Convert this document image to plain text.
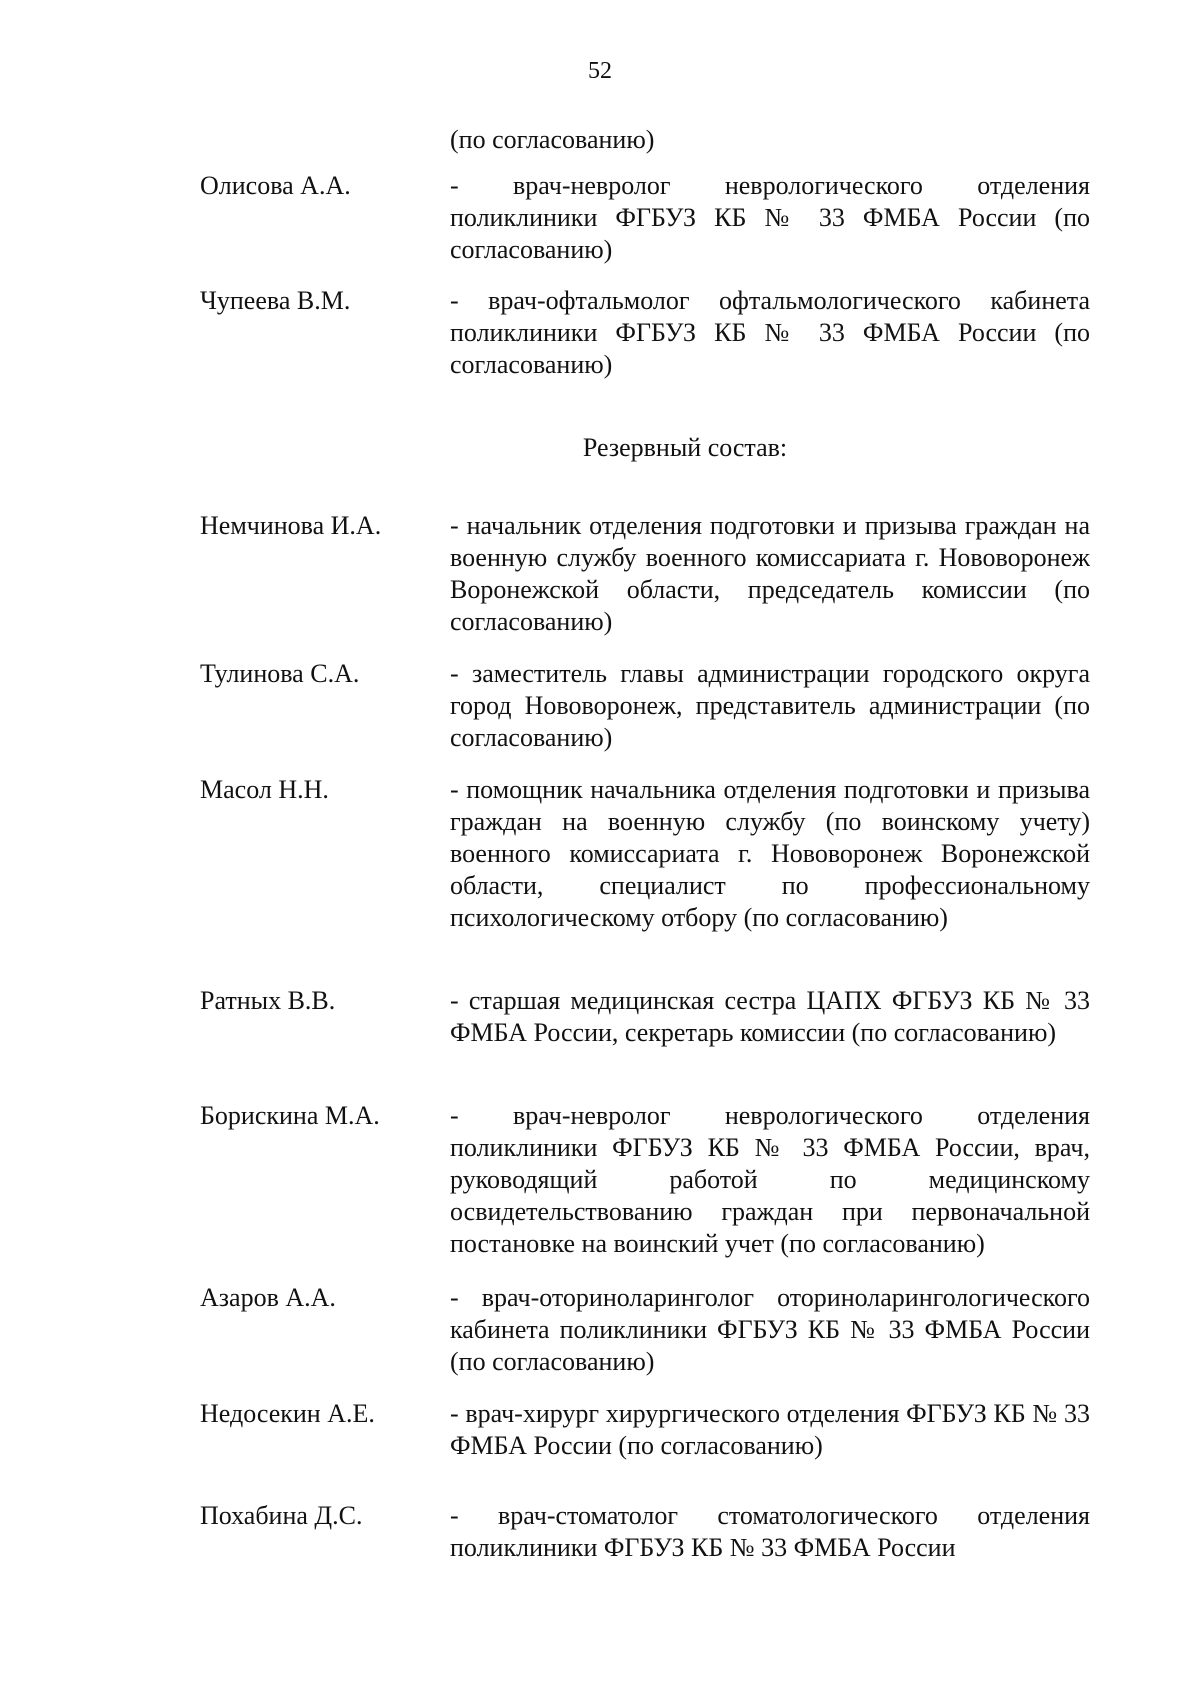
52
(по согласованию)
Олисова А.А.	- врач-невролог неврологического отделения поликлиники ФГБУЗ КБ № 33 ФМБА России (по согласованию)
Чупеева В.М.	- врач-офтальмолог офтальмологического кабинета поликлиники ФГБУЗ КБ № 33 ФМБА России (по согласованию)
Резервный состав:
Немчинова И.А.	- начальник отделения подготовки и призыва граждан на военную службу военного комиссариата г. Нововоронеж Воронежской области, председатель комиссии (по согласованию)
Тулинова С.А.	- заместитель главы администрации городского округа город Нововоронеж, представитель администрации (по согласованию)
Масол Н.Н.	- помощник начальника отделения подготовки и призыва граждан на военную службу (по воинскому учету) военного комиссариата г. Нововоронеж Воронежской области, специалист по профессиональному психологическому отбору (по согласованию)
Ратных В.В.	- старшая медицинская сестра ЦАПХ ФГБУЗ КБ № 33 ФМБА России, секретарь комиссии (по согласованию)
Борискина М.А.	- врач-невролог неврологического отделения поликлиники ФГБУЗ КБ № 33 ФМБА России, врач, руководящий работой по медицинскому освидетельствованию граждан при первоначальной постановке на воинский учет (по согласованию)
Азаров А.А.	- врач-оториноларинголог оториноларингологического кабинета поликлиники ФГБУЗ КБ № 33 ФМБА России (по согласованию)
Недосекин А.Е.	- врач-хирург хирургического отделения ФГБУЗ КБ № 33 ФМБА России (по согласованию)
Похабина Д.С.	- врач-стоматолог стоматологического отделения поликлиники ФГБУЗ КБ № 33 ФМБА России
